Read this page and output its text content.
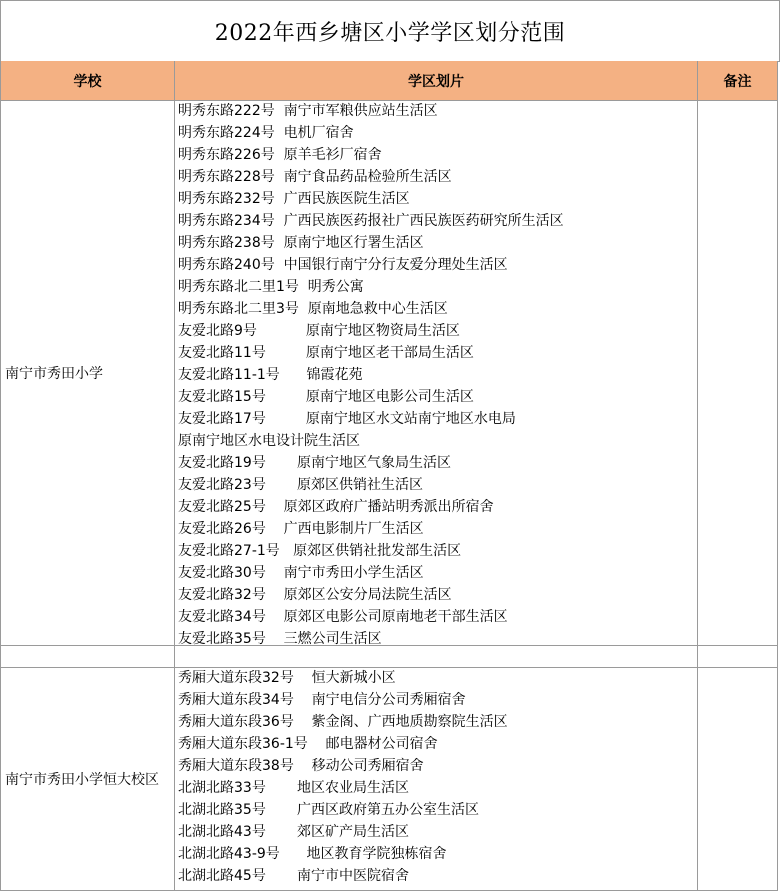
2022年西乡塘区小学学区划分范围
学校	学区划片	备注
南宁市秀田小学
明秀东路222号  南宁市军粮供应站生活区
明秀东路224号  电机厂宿舍
明秀东路226号  原羊毛衫厂宿舍
明秀东路228号  南宁食品药品检验所生活区
明秀东路232号  广西民族医院生活区
明秀东路234号  广西民族医药报社广西民族医药研究所生活区
明秀东路238号  原南宁地区行署生活区
明秀东路240号  中国银行南宁分行友爱分理处生活区
明秀东路北二里1号  明秀公寓
明秀东路北二里3号  原南地急救中心生活区
友爱北路9号           原南宁地区物资局生活区
友爱北路11号         原南宁地区老干部局生活区
友爱北路11-1号      锦霞花苑
友爱北路15号         原南宁地区电影公司生活区
友爱北路17号         原南宁地区水文站南宁地区水电局
原南宁地区水电设计院生活区
友爱北路19号       原南宁地区气象局生活区
友爱北路23号       原郊区供销社生活区
友爱北路25号    原郊区政府广播站明秀派出所宿舍
友爱北路26号    广西电影制片厂生活区
友爱北路27-1号   原郊区供销社批发部生活区
友爱北路30号    南宁市秀田小学生活区
友爱北路32号    原郊区公安分局法院生活区
友爱北路34号    原郊区电影公司原南地老干部生活区
友爱北路35号    三燃公司生活区
南宁市秀田小学恒大校区
秀厢大道东段32号    恒大新城小区
秀厢大道东段34号    南宁电信分公司秀厢宿舍
秀厢大道东段36号    紫金阁、广西地质勘察院生活区
秀厢大道东段36-1号    邮电器材公司宿舍
秀厢大道东段38号    移动公司秀厢宿舍
北湖北路33号       地区农业局生活区
北湖北路35号       广西区政府第五办公室生活区
北湖北路43号       郊区矿产局生活区
北湖北路43-9号      地区教育学院独栋宿舍
北湖北路45号       南宁市中医院宿舍
